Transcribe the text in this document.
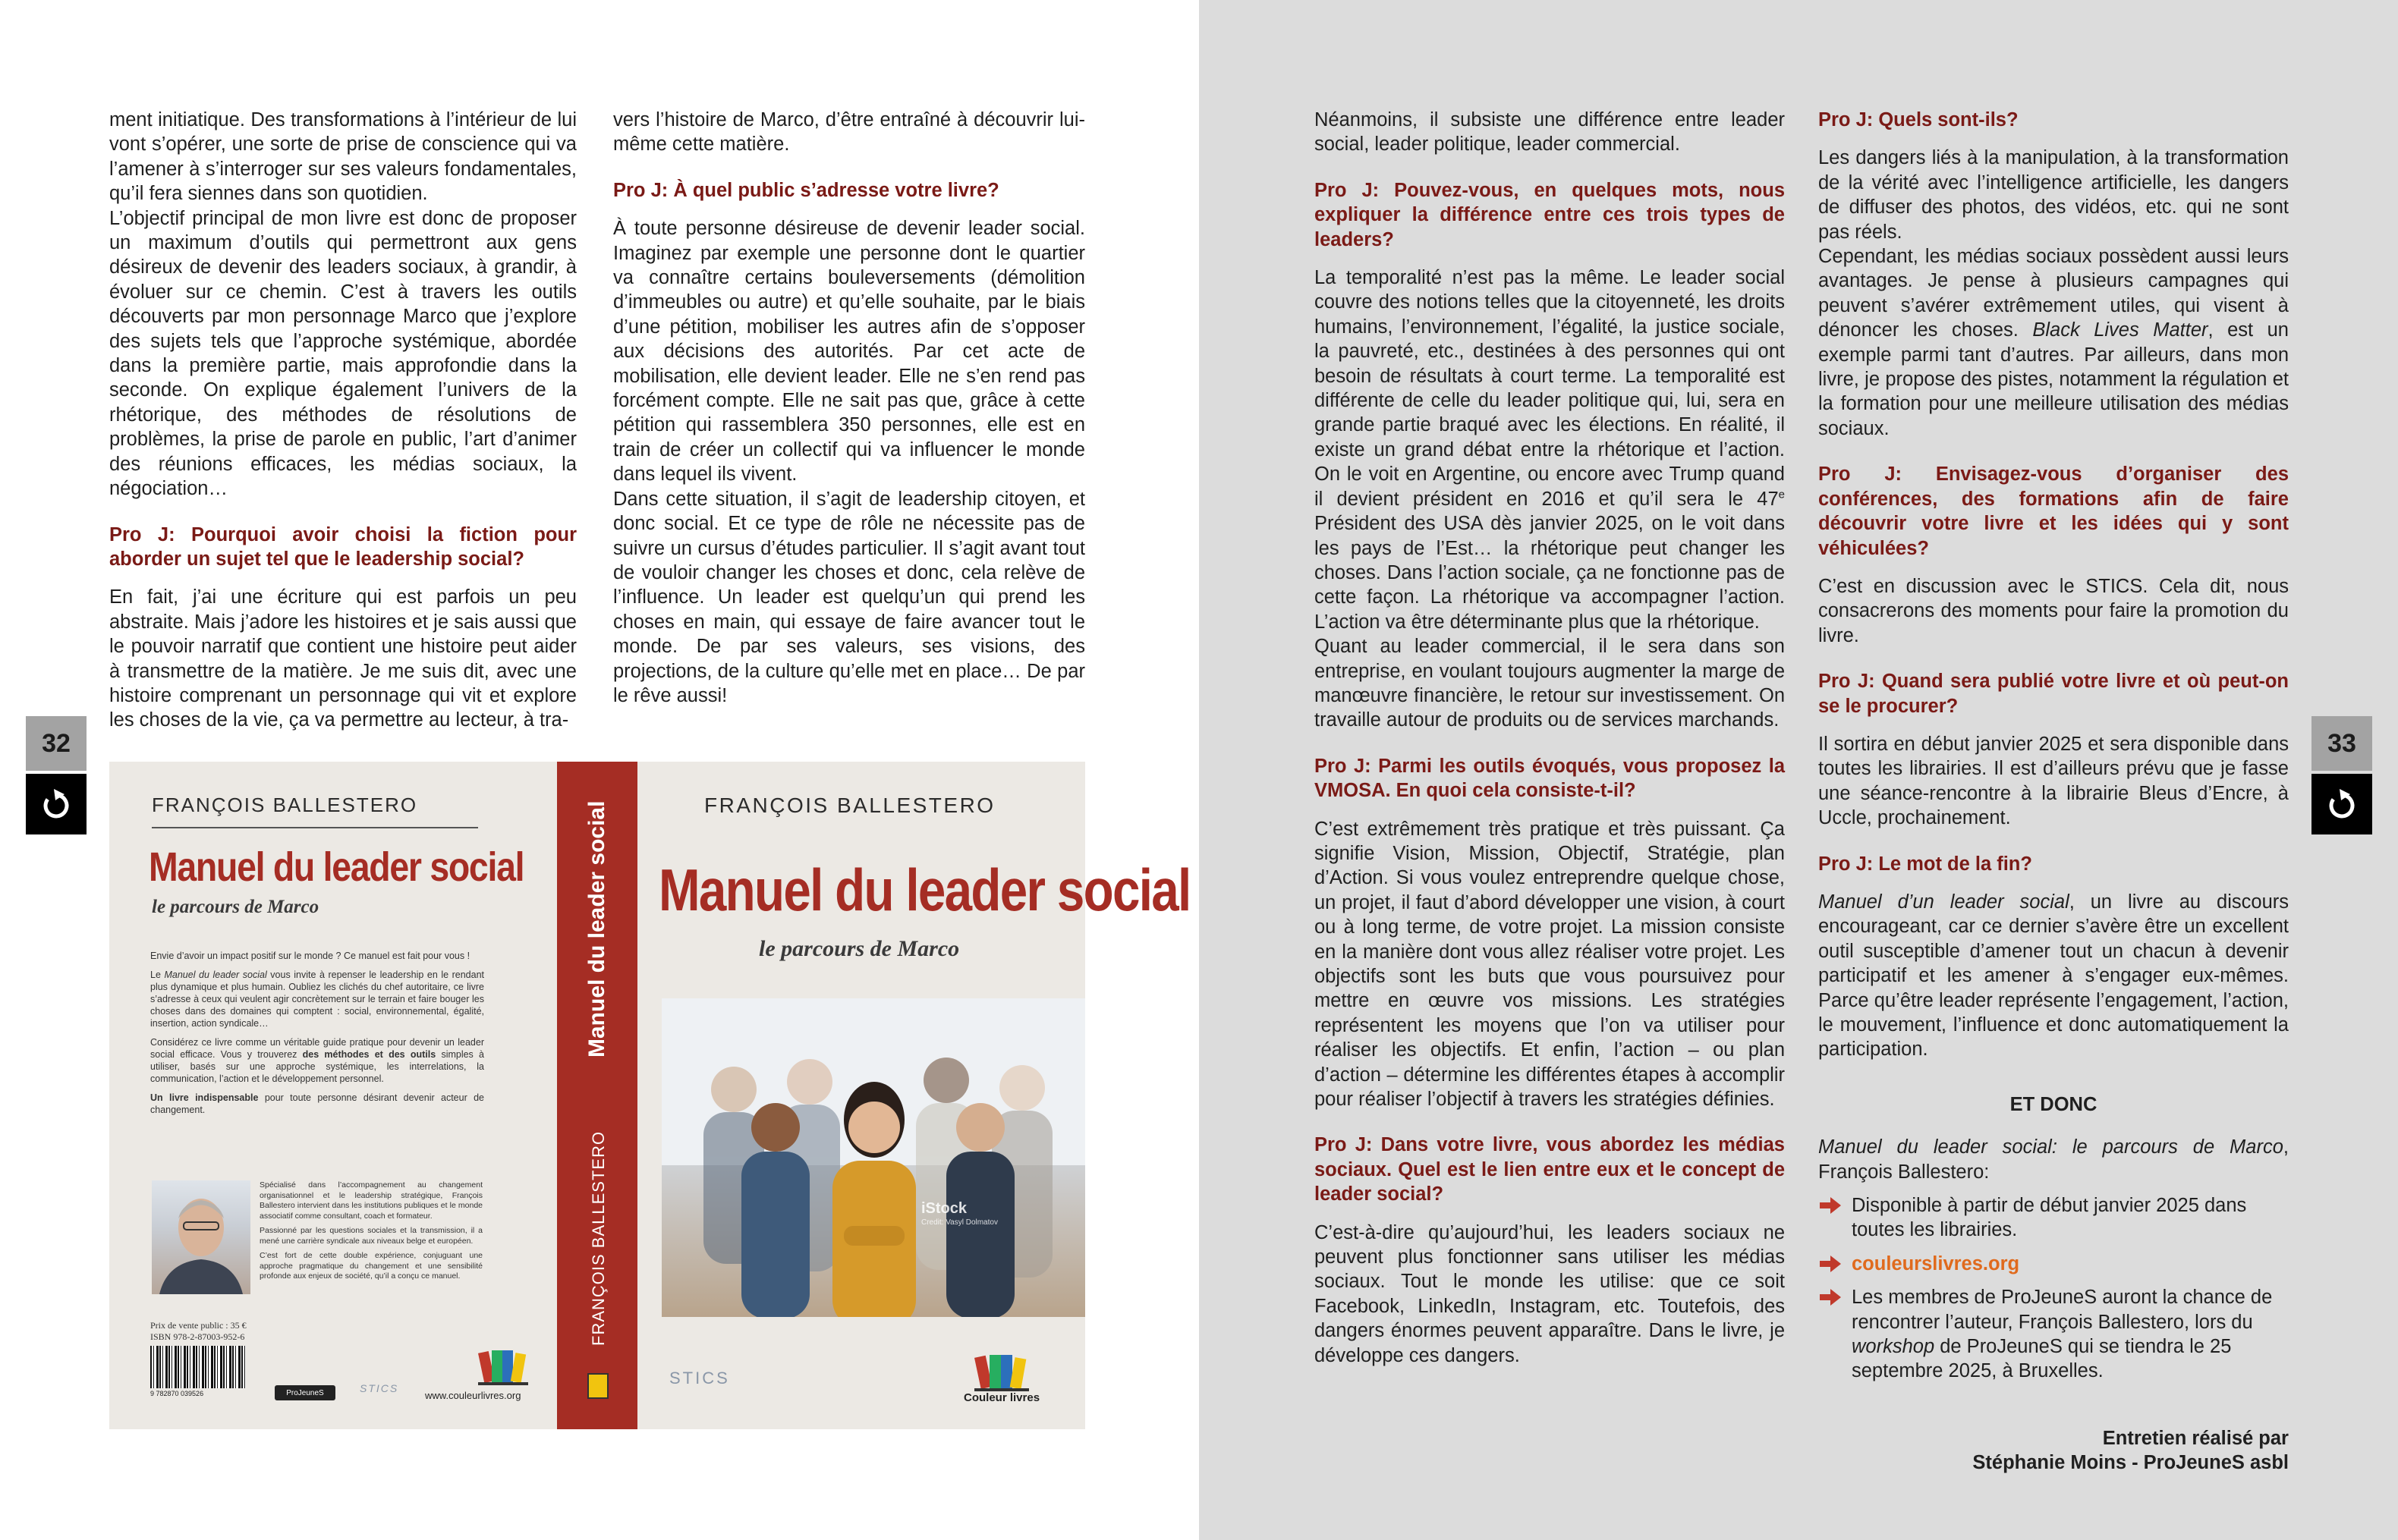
ment initiatique. Des transformations à l’intérieur de lui vont s’opérer, une sorte de prise de conscience qui va l’amener à s’interroger sur ses valeurs fondamentales, qu’il fera siennes dans son quotidien.

L’objectif principal de mon livre est donc de proposer un maximum d’outils qui permettront aux gens désireux de devenir des leaders sociaux, à grandir, à évoluer sur ce chemin. C’est à travers les outils découverts par mon personnage Marco que j’explore des sujets tels que l’approche systémique, abordée dans la première partie, mais approfondie dans la seconde. On explique également l’univers de la rhétorique, des méthodes de résolutions de problèmes, la prise de parole en public, l’art d’animer des réunions efficaces, les médias sociaux, la négociation…

Pro J: Pourquoi avoir choisi la fiction pour aborder un sujet tel que le leadership social?

En fait, j’ai une écriture qui est parfois un peu abstraite. Mais j’adore les histoires et je sais aussi que le pouvoir narratif que contient une histoire peut aider à transmettre de la matière. Je me suis dit, avec une histoire comprenant un personnage qui vit et explore les choses de la vie, ça va permettre au lecteur, à tra-

vers l’histoire de Marco, d’être entraîné à découvrir lui-même cette matière.

Pro J: À quel public s’adresse votre livre?

À toute personne désireuse de devenir leader social. Imaginez par exemple une personne dont le quartier va connaître certains bouleversements (démolition d’immeubles ou autre) et qu’elle souhaite, par le biais d’une pétition, mobiliser les autres afin de s’opposer aux décisions des autorités. Par cet acte de mobilisation, elle devient leader. Elle ne s’en rend pas forcément compte. Elle ne sait pas que, grâce à cette pétition qui rassemblera 350 personnes, elle est en train de créer un collectif qui va influencer le monde dans lequel ils vivent.

Dans cette situation, il s’agit de leadership citoyen, et donc social. Et ce type de rôle ne nécessite pas de suivre un cursus d’études particulier. Il s’agit avant tout de vouloir changer les choses et donc, cela relève de l’influence. Un leader est quelqu’un qui prend les choses en main, qui essaye de faire avancer tout le monde. De par ses valeurs, ses visions, des projections, de la culture qu’elle met en place… De par le rêve aussi!

32
FRANÇOIS BALLESTERO
Manuel du leader social
le parcours de Marco

Envie d’avoir un impact positif sur le monde ? Ce manuel est fait pour vous !

Le Manuel du leader social vous invite à repenser le leadership en le rendant plus dynamique et plus humain. Oubliez les clichés du chef autoritaire, ce livre s’adresse à ceux qui veulent agir concrètement sur le terrain et faire bouger les choses dans des domaines qui comptent : social, environnemental, égalité, insertion, action syndicale…

Considérez ce livre comme un véritable guide pratique pour devenir un leader social efficace. Vous y trouverez des méthodes et des outils simples à utiliser, basés sur une approche systémique, les interrelations, la communication, l’action et le développement personnel.

Un livre indispensable pour toute personne désirant devenir acteur de changement.

Spécialisé dans l’accompagnement au changement organisationnel et le leadership stratégique, François Ballestero intervient dans les institutions publiques et le monde associatif comme consultant, coach et formateur.

Passionné par les questions sociales et la transmission, il a mené une carrière syndicale aux niveaux belge et européen.

C’est fort de cette double expérience, conjuguant une approche pragmatique du changement et une sensibilité profonde aux enjeux de société, qu’il a conçu ce manuel.

Prix de vente public : 35 €
ISBN 978-2-87003-952-6
9 782870 039526	ProJeuneS	STICS
www.couleurlivres.org
Manuel du leader social
FRANÇOIS BALLESTERO
FRANÇOIS BALLESTERO
Manuel du leader social
le parcours de Marco
iStock
Credit: Vasyl Dolmatov
STICS
Couleur livres

Néanmoins, il subsiste une différence entre leader social, leader politique, leader commercial.

Pro J: Pouvez-vous, en quelques mots, nous expliquer la différence entre ces trois types de leaders?

La temporalité n’est pas la même. Le leader social couvre des notions telles que la citoyenneté, les droits humains, l’environnement, l’égalité, la justice sociale, la pauvreté, etc., destinées à des personnes qui ont besoin de résultats à court terme. La temporalité est différente de celle du leader politique qui, lui, sera en grande partie braqué avec les élections. En réalité, il existe un grand débat entre la rhétorique et l’action. On le voit en Argentine, ou encore avec Trump quand il devient président en 2016 et qu’il sera le 47e Président des USA dès janvier 2025, on le voit dans les pays de l’Est… la rhétorique peut changer les choses. Dans l’action sociale, ça ne fonctionne pas de cette façon. La rhétorique va accompagner l’action. L’action va être déterminante plus que la rhétorique.

Quant au leader commercial, il le sera dans son entreprise, en voulant toujours augmenter la marge de manœuvre financière, le retour sur investissement. On travaille autour de produits ou de services marchands.

Pro J: Parmi les outils évoqués, vous proposez la VMOSA. En quoi cela consiste-t-il?

C’est extrêmement très pratique et très puissant. Ça signifie Vision, Mission, Objectif, Stratégie, plan d’Action. Si vous voulez entreprendre quelque chose, un projet, il faut d’abord développer une vision, à court ou à long terme, de votre projet. La mission consiste en la manière dont vous allez réaliser votre projet. Les objectifs sont les buts que vous poursuivez pour mettre en œuvre vos missions. Les stratégies représentent les moyens que l’on va utiliser pour réaliser les objectifs. Et enfin, l’action – ou plan d’action – détermine les différentes étapes à accomplir pour réaliser l’objectif à travers les stratégies définies.

Pro J: Dans votre livre, vous abordez les médias sociaux. Quel est le lien entre eux et le concept de leader social?

C’est-à-dire qu’aujourd’hui, les leaders sociaux ne peuvent plus fonctionner sans utiliser les médias sociaux. Tout le monde les utilise: que ce soit Facebook, LinkedIn, Instagram, etc. Toutefois, des dangers énormes peuvent apparaître. Dans le livre, je développe ces dangers.

Pro J: Quels sont-ils?

Les dangers liés à la manipulation, à la transformation de la vérité avec l’intelligence artificielle, les dangers de diffuser des photos, des vidéos, etc. qui ne sont pas réels.

Cependant, les médias sociaux possèdent aussi leurs avantages. Je pense à plusieurs campagnes qui peuvent s’avérer extrêmement utiles, qui visent à dénoncer les choses. Black Lives Matter, est un exemple parmi tant d’autres. Par ailleurs, dans mon livre, je propose des pistes, notamment la régulation et la formation pour une meilleure utilisation des médias sociaux.

Pro J: Envisagez-vous d’organiser des conférences, des formations afin de faire découvrir votre livre et les idées qui y sont véhiculées?

C’est en discussion avec le STICS. Cela dit, nous consacrerons des moments pour faire la promotion du livre.

Pro J: Quand sera publié votre livre et où peut-on se le procurer?

Il sortira en début janvier 2025 et sera disponible dans toutes les librairies. Il est d’ailleurs prévu que je fasse une séance-rencontre à la librairie Bleus d’Encre, à Uccle, prochainement.

Pro J: Le mot de la fin?

Manuel d’un leader social, un livre au discours encourageant, car ce dernier s’avère être un excellent outil susceptible d’amener tout un chacun à devenir participatif et les amener à s’engager eux-mêmes. Parce qu’être leader représente l’engagement, l’action, le mouvement, l’influence et donc automatiquement la participation.

ET DONC

Manuel du leader social: le parcours de Marco, François Ballestero:

Disponible à partir de début janvier 2025 dans toutes les librairies.

couleurslivres.org

Les membres de ProJeuneS auront la chance de rencontrer l’auteur, François Ballestero, lors du workshop de ProJeuneS qui se tiendra le 25 septembre 2025, à Bruxelles.

Entretien réalisé par

Stéphanie Moins - ProJeuneS asbl

33
